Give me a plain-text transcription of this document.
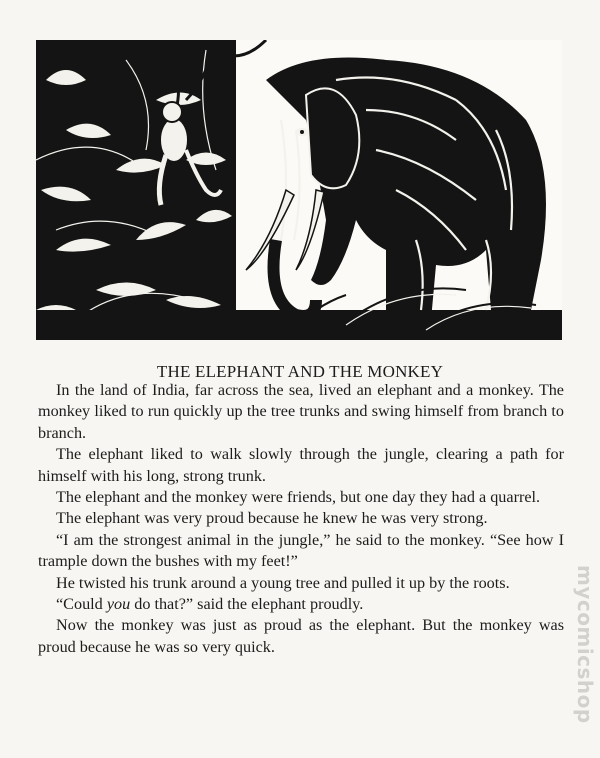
THE ELEPHANT AND THE MONKEY

In the land of India, far across the sea, lived an elephant and a monkey. The monkey liked to run quickly up the tree trunks and swing himself from branch to branch.

The elephant liked to walk slowly through the jungle, clearing a path for himself with his long, strong trunk.

The elephant and the monkey were friends, but one day they had a quarrel.

The elephant was very proud because he knew he was very strong.

“I am the strongest animal in the jungle,” he said to the monkey. “See how I trample down the bushes with my feet!”

He twisted his trunk around a young tree and pulled it up by the roots.

“Could you do that?” said the elephant proudly.

Now the monkey was just as proud as the elephant. But the monkey was proud because he was so very quick.	mycomicshop
